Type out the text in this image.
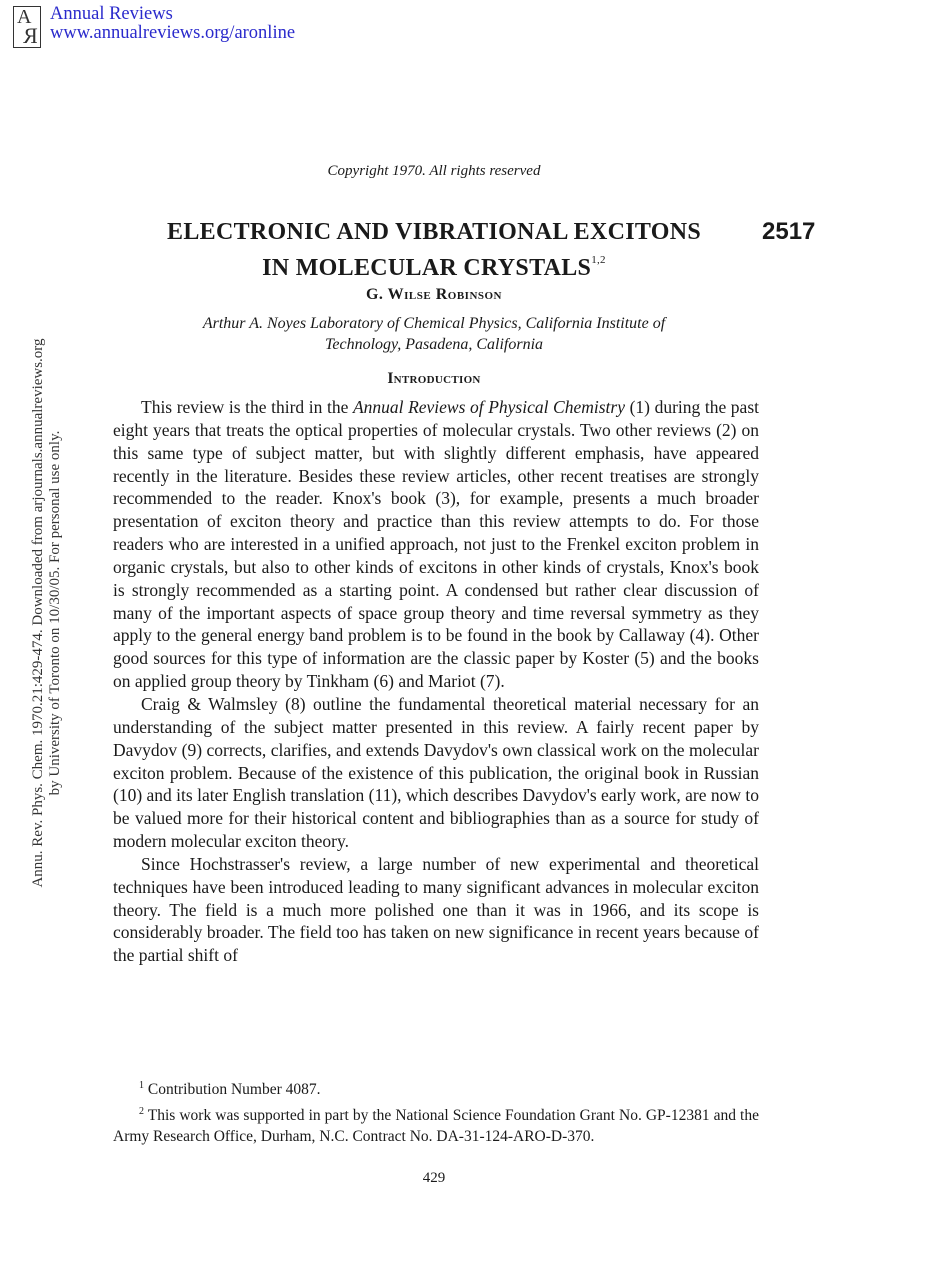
A
R
Annual Reviews
www.annualreviews.org/aronline
Annu. Rev. Phys. Chem. 1970.21:429-474. Downloaded from arjournals.annualreviews.org by University of Toronto on 10/30/05. For personal use only.
Copyright 1970. All rights reserved
ELECTRONIC AND VIBRATIONAL EXCITONS
IN MOLECULAR CRYSTALS$^{1,2}$
2517
G. Wilse Robinson
Arthur A. Noyes Laboratory of Chemical Physics, California Institute of
Technology, Pasadena, California
Introduction

This review is the third in the Annual Reviews of Physical Chemistry (1) during the past eight years that treats the optical properties of molecular crystals. Two other reviews (2) on this same type of subject matter, but with slightly different emphasis, have appeared recently in the literature. Besides these review articles, other recent treatises are strongly recommended to the reader. Knox's book (3), for example, presents a much broader presentation of exciton theory and practice than this review attempts to do. For those readers who are interested in a unified approach, not just to the Frenkel exciton problem in organic crystals, but also to other kinds of excitons in other kinds of crystals, Knox's book is strongly recommended as a starting point. A condensed but rather clear discussion of many of the important aspects of space group theory and time reversal symmetry as they apply to the general energy band problem is to be found in the book by Callaway (4). Other good sources for this type of information are the classic paper by Koster (5) and the books on applied group theory by Tinkham (6) and Mariot (7).

Craig & Walmsley (8) outline the fundamental theoretical material necessary for an understanding of the subject matter presented in this review. A fairly recent paper by Davydov (9) corrects, clarifies, and extends Davydov's own classical work on the molecular exciton problem. Because of the existence of this publication, the original book in Russian (10) and its later English translation (11), which describes Davydov's early work, are now to be valued more for their historical content and bibliographies than as a source for study of modern molecular exciton theory.

Since Hochstrasser's review, a large number of new experimental and theoretical techniques have been introduced leading to many significant advances in molecular exciton theory. The field is a much more polished one than it was in 1966, and its scope is considerably broader. The field too has taken on new significance in recent years because of the partial shift of

$^1$ Contribution Number 4087.

$^2$ This work was supported in part by the National Science Foundation Grant No. GP-12381 and the Army Research Office, Durham, N.C. Contract No. DA-31-124-ARO-D-370.

429
